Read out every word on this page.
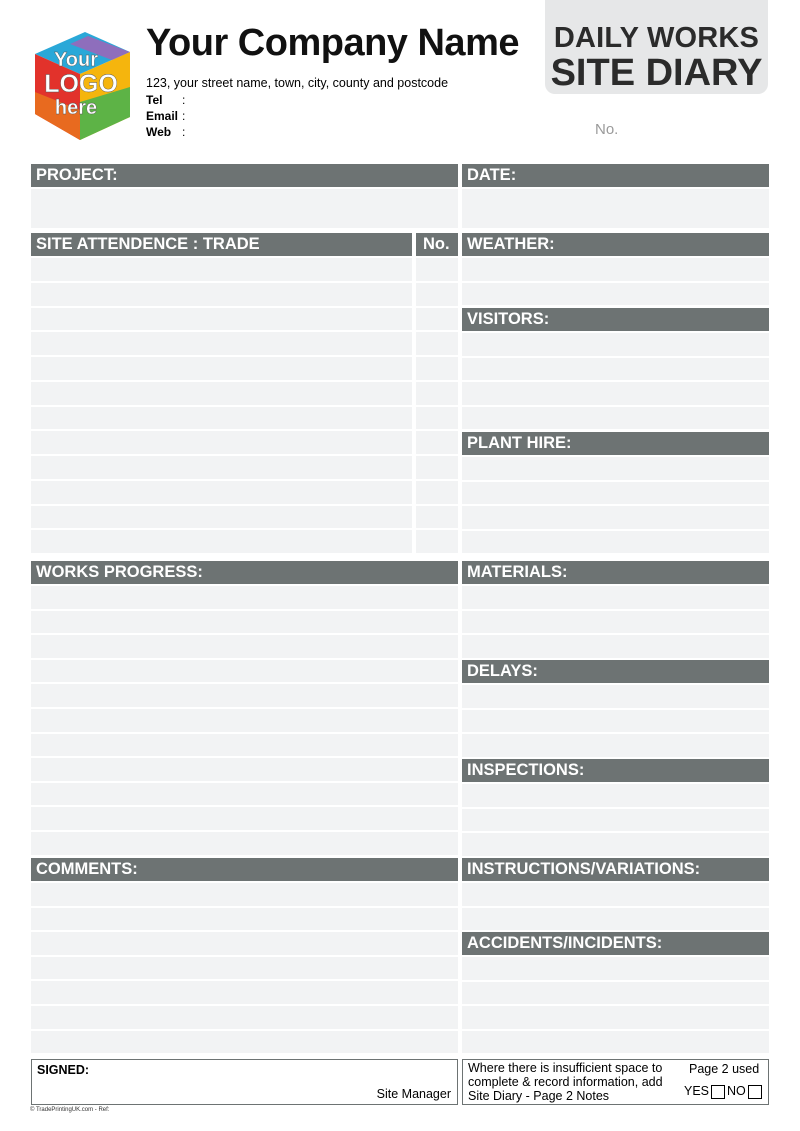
Your
LOGO
here
Your Company Name
123, your street name, town, city, county and postcode
Tel :
Email :
Web :
DAILY WORKS
SITE DIARY
No.
PROJECT:	DATE:
SITE ATTENDENCE : TRADE	No.	WEATHER:
VISITORS:
PLANT HIRE:
WORKS PROGRESS:	MATERIALS:
DELAYS:
INSPECTIONS:
COMMENTS:	INSTRUCTIONS/VARIATIONS:
ACCIDENTS/INCIDENTS:
SIGNED:
Site Manager
Where there is insufficient space to
complete & record information, add
Site Diary - Page 2 Notes
Page 2 used
YES	NO
© TradePrintingUK.com - Ref:
